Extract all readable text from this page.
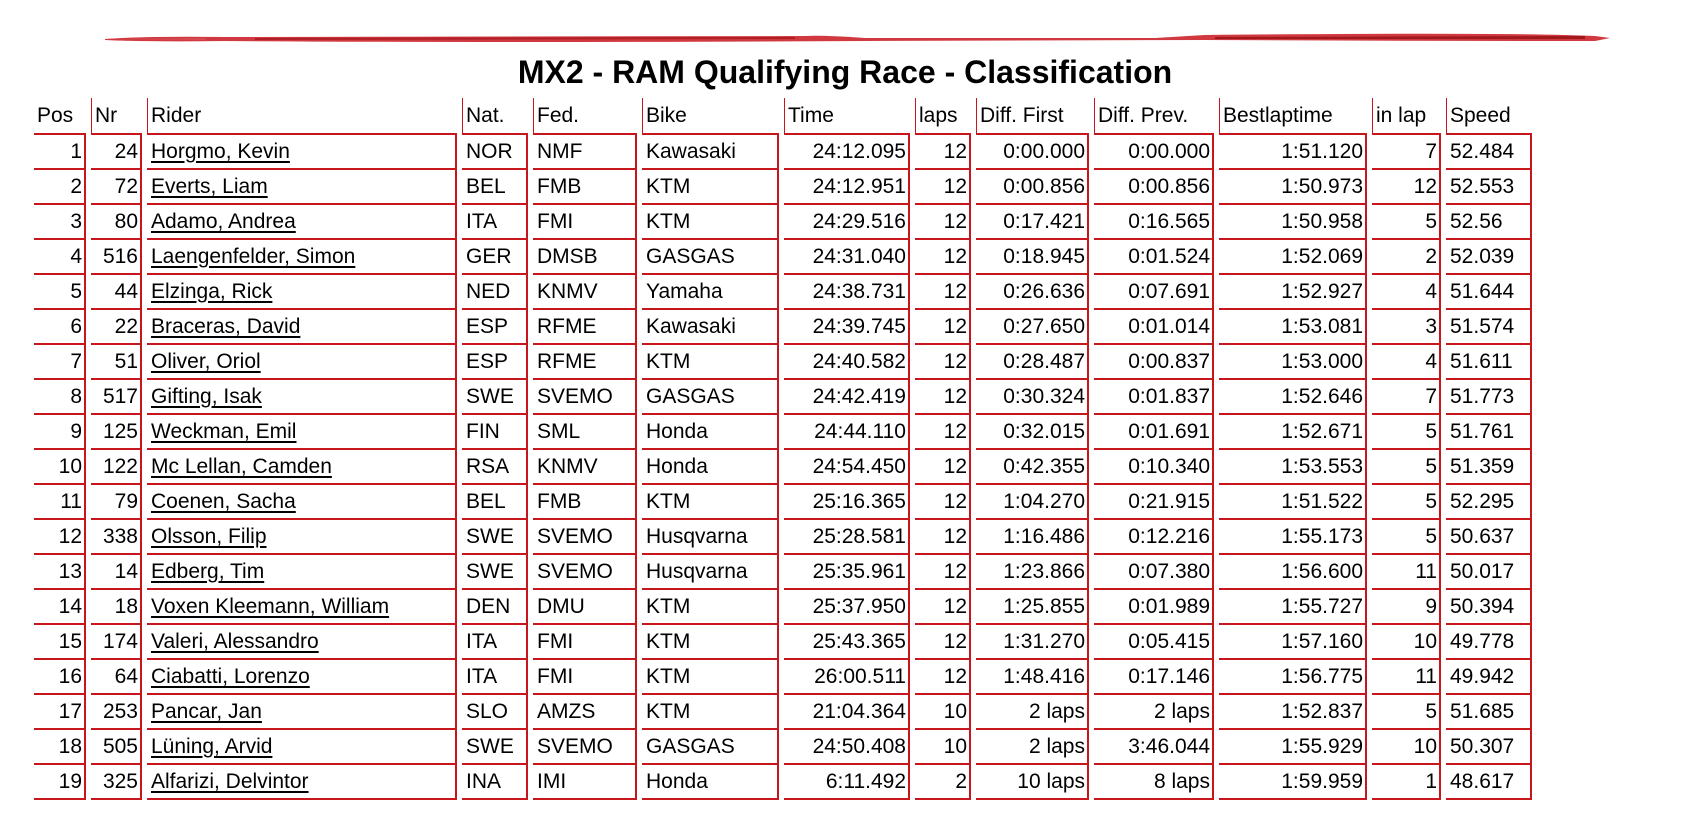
MX2 - RAM Qualifying Race - Classification
Pos	Nr	Rider	Nat.	Fed.	Bike	Time	laps	Diff. First	Diff. Prev.	Bestlaptime	in lap	Speed
1	24	Horgmo, Kevin	NOR	NMF	Kawasaki	24:12.095	12	0:00.000	0:00.000	1:51.120	7	52.484
2	72	Everts, Liam	BEL	FMB	KTM	24:12.951	12	0:00.856	0:00.856	1:50.973	12	52.553
3	80	Adamo, Andrea	ITA	FMI	KTM	24:29.516	12	0:17.421	0:16.565	1:50.958	5	52.56
4	516	Laengenfelder, Simon	GER	DMSB	GASGAS	24:31.040	12	0:18.945	0:01.524	1:52.069	2	52.039
5	44	Elzinga, Rick	NED	KNMV	Yamaha	24:38.731	12	0:26.636	0:07.691	1:52.927	4	51.644
6	22	Braceras, David	ESP	RFME	Kawasaki	24:39.745	12	0:27.650	0:01.014	1:53.081	3	51.574
7	51	Oliver, Oriol	ESP	RFME	KTM	24:40.582	12	0:28.487	0:00.837	1:53.000	4	51.611
8	517	Gifting, Isak	SWE	SVEMO	GASGAS	24:42.419	12	0:30.324	0:01.837	1:52.646	7	51.773
9	125	Weckman, Emil	FIN	SML	Honda	24:44.110	12	0:32.015	0:01.691	1:52.671	5	51.761
10	122	Mc Lellan, Camden	RSA	KNMV	Honda	24:54.450	12	0:42.355	0:10.340	1:53.553	5	51.359
11	79	Coenen, Sacha	BEL	FMB	KTM	25:16.365	12	1:04.270	0:21.915	1:51.522	5	52.295
12	338	Olsson, Filip	SWE	SVEMO	Husqvarna	25:28.581	12	1:16.486	0:12.216	1:55.173	5	50.637
13	14	Edberg, Tim	SWE	SVEMO	Husqvarna	25:35.961	12	1:23.866	0:07.380	1:56.600	11	50.017
14	18	Voxen Kleemann, William	DEN	DMU	KTM	25:37.950	12	1:25.855	0:01.989	1:55.727	9	50.394
15	174	Valeri, Alessandro	ITA	FMI	KTM	25:43.365	12	1:31.270	0:05.415	1:57.160	10	49.778
16	64	Ciabatti, Lorenzo	ITA	FMI	KTM	26:00.511	12	1:48.416	0:17.146	1:56.775	11	49.942
17	253	Pancar, Jan	SLO	AMZS	KTM	21:04.364	10	2 laps	2 laps	1:52.837	5	51.685
18	505	Lüning, Arvid	SWE	SVEMO	GASGAS	24:50.408	10	2 laps	3:46.044	1:55.929	10	50.307
19	325	Alfarizi, Delvintor	INA	IMI	Honda	6:11.492	2	10 laps	8 laps	1:59.959	1	48.617
